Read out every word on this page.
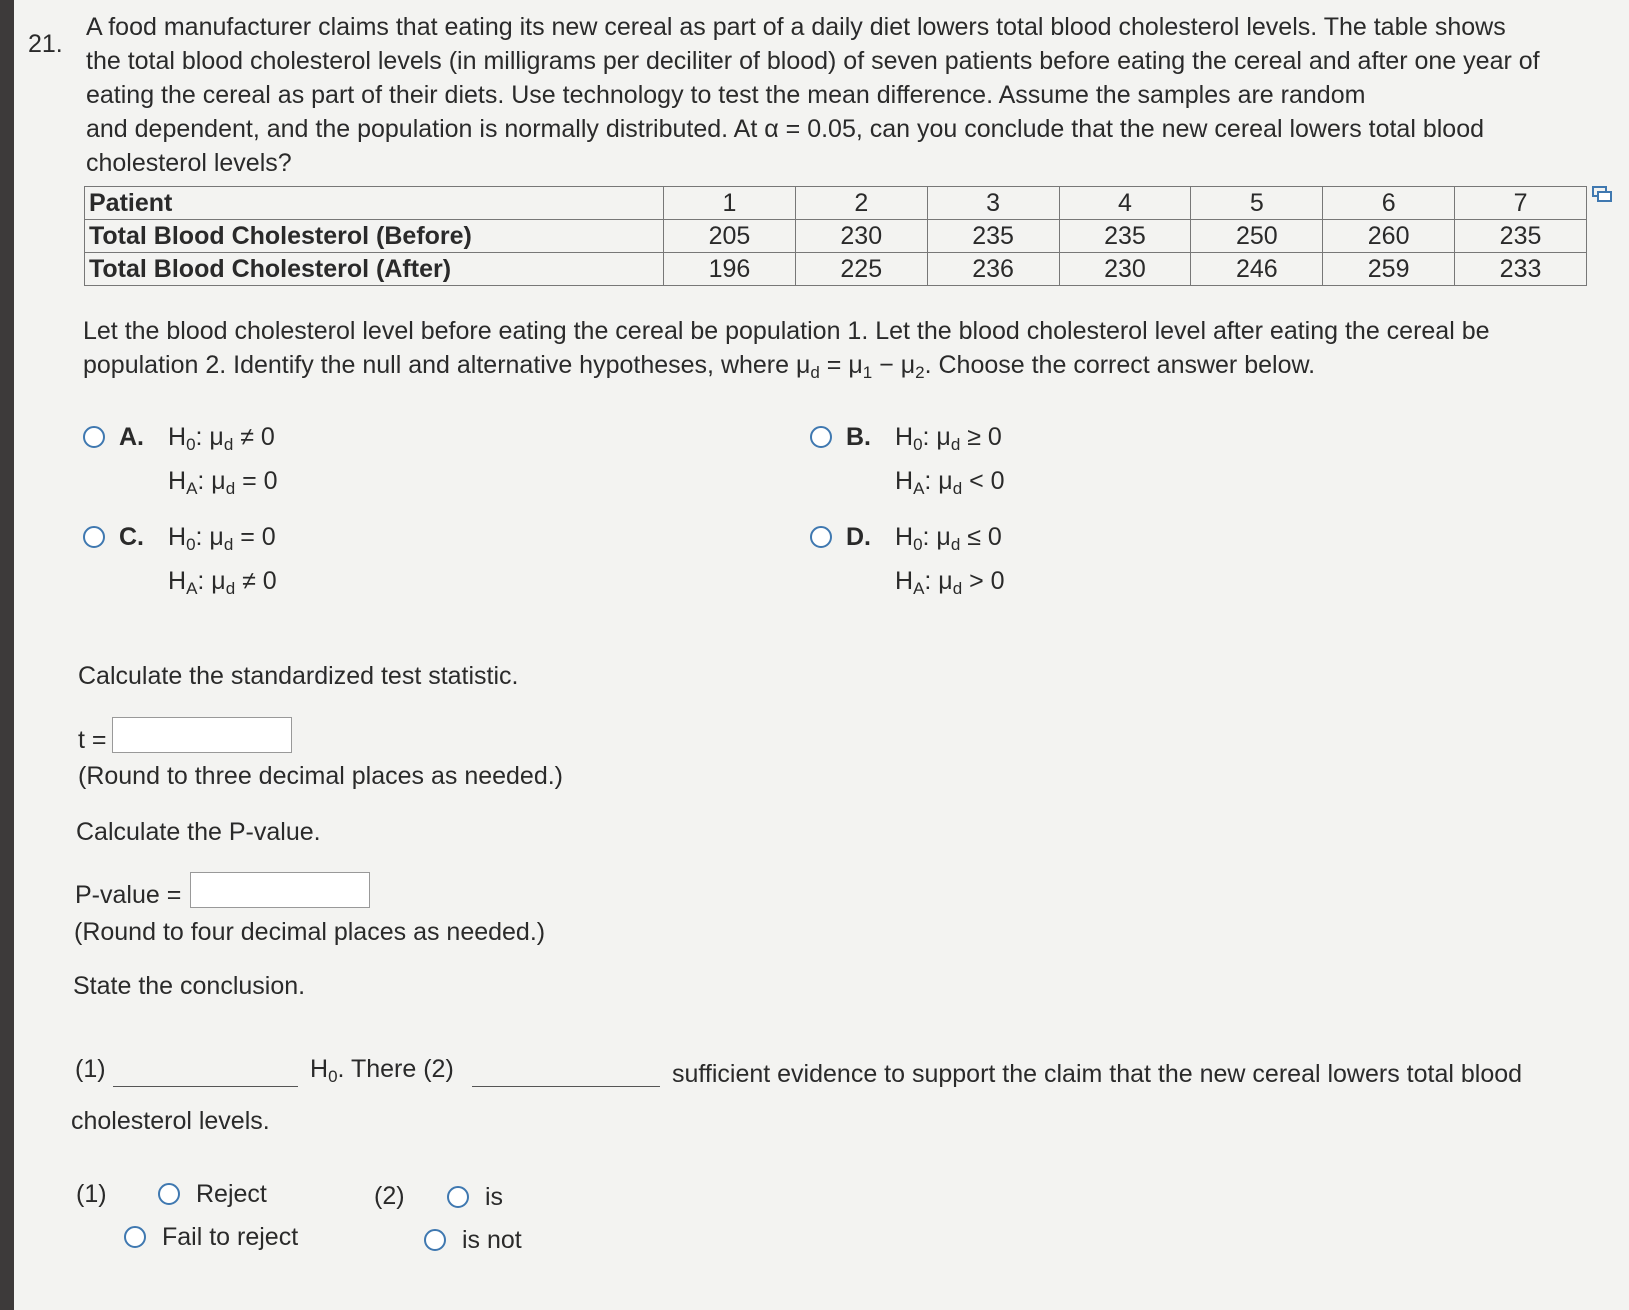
21.

A food manufacturer claims that eating its new cereal as part of a daily diet lowers total blood cholesterol levels. The table shows

the total blood cholesterol levels (in milligrams per deciliter of blood) of seven patients before eating the cereal and after one year of

eating the cereal as part of their diets. Use technology to test the mean difference. Assume the samples are random

and dependent, and the population is normally distributed. At α = 0.05, can you conclude that the new cereal lowers total blood

cholesterol levels?

Patient	1	2	3	4	5	6	7
Total Blood Cholesterol (Before)	205	230	235	235	250	260	235
Total Blood Cholesterol (After)	196	225	236	230	246	259	233
Let the blood cholesterol level before eating the cereal be population 1. Let the blood cholesterol level after eating the cereal be
population 2. Identify the null and alternative hypotheses, where $\mu_d = \mu_1 - \mu_2$. Choose the correct answer below.
A. $H_0$: $\mu_d \ne 0$
$H_A$: $\mu_d = 0$
B. $H_0$: $\mu_d \ge 0$
$H_A$: $\mu_d < 0$
C. $H_0$: $\mu_d = 0$
$H_A$: $\mu_d \ne 0$
D. $H_0$: $\mu_d \le 0$
$H_A$: $\mu_d > 0$
Calculate the standardized test statistic.
t =
(Round to three decimal places as needed.)
Calculate the P-value.
P-value =
(Round to four decimal places as needed.)
State the conclusion.
(1)	$H_0$. There (2)	sufficient evidence to support the claim that the new cereal lowers total blood
cholesterol levels.
(1)	Reject
Fail to reject
(2)	is
is not
